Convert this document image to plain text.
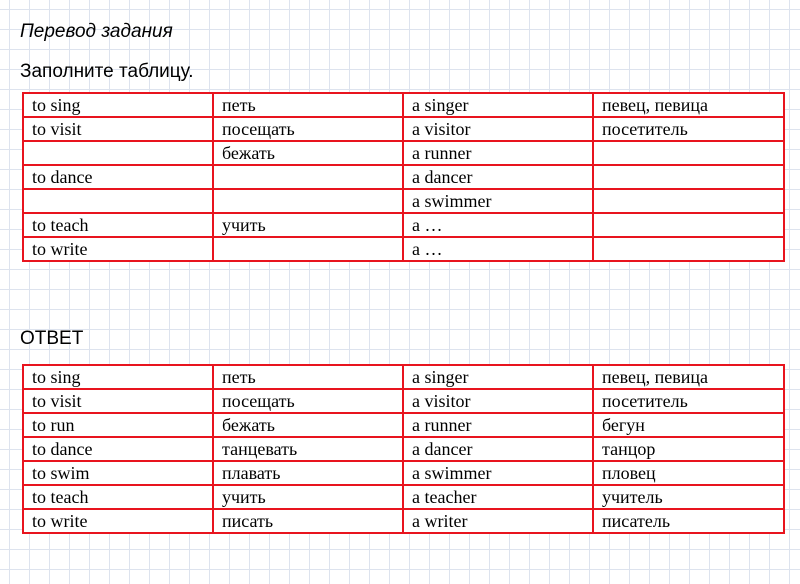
Перевод задания
Заполните таблицу.
to sing	петь	a singer	певец, певица
to visit	посещать	a visitor	посетитель
	бежать	a runner	
to dance		a dancer	
		a swimmer	
to teach	учить	a …	
to write		a …	
ОТВЕТ
to sing	петь	a singer	певец, певица
to visit	посещать	a visitor	посетитель
to run	бежать	a runner	бегун
to dance	танцевать	a dancer	танцор
to swim	плавать	a swimmer	пловец
to teach	учить	a teacher	учитель
to write	писать	a writer	писатель
